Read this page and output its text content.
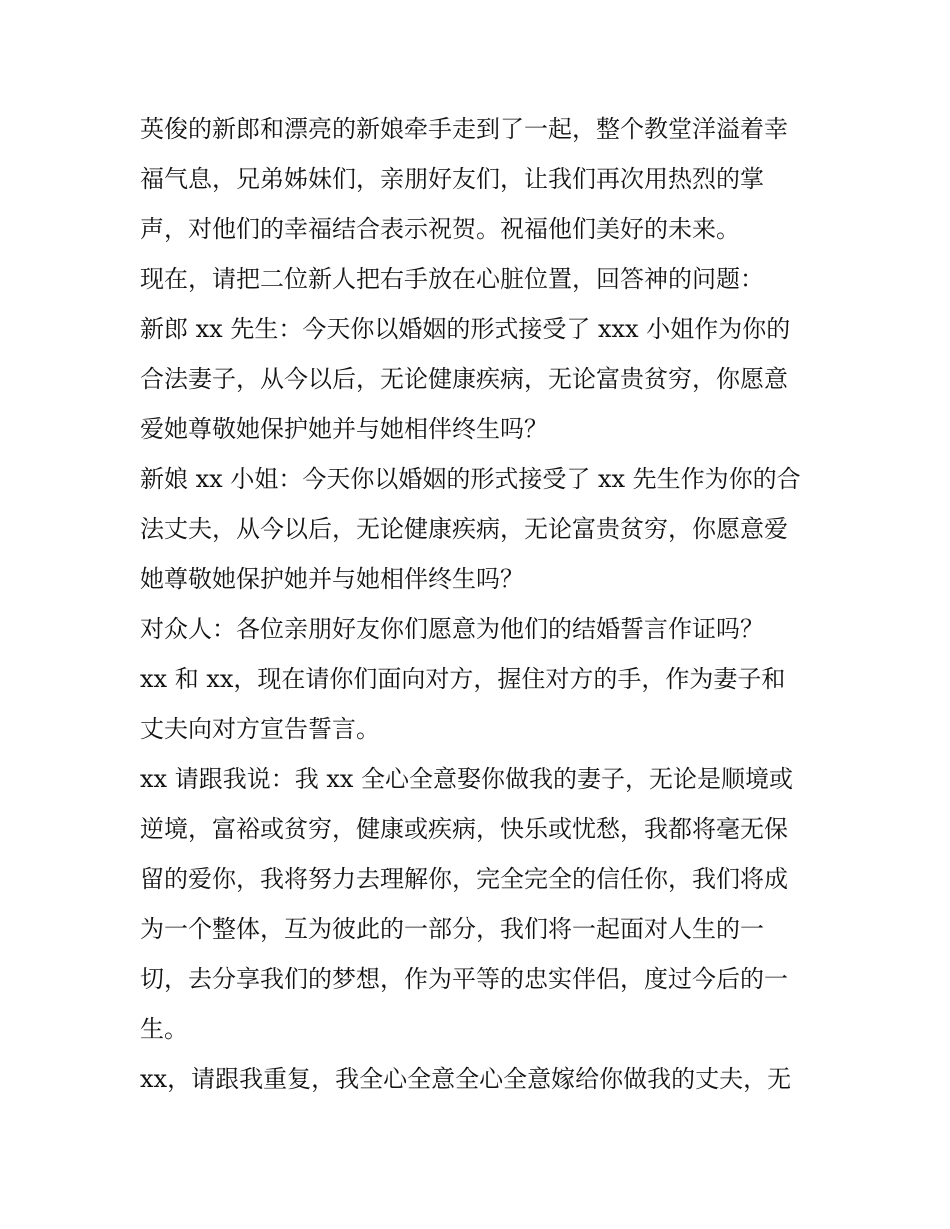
英俊的新郎和漂亮的新娘牵手走到了一起，整个教堂洋溢着幸
福气息，兄弟姊妹们，亲朋好友们，让我们再次用热烈的掌
声，对他们的幸福结合表示祝贺。祝福他们美好的未来。
现在，请把二位新人把右手放在心脏位置，回答神的问题：
新郎 xx 先生：今天你以婚姻的形式接受了 xxx 小姐作为你的
合法妻子，从今以后，无论健康疾病，无论富贵贫穷，你愿意
爱她尊敬她保护她并与她相伴终生吗？
新娘 xx 小姐：今天你以婚姻的形式接受了 xx 先生作为你的合
法丈夫，从今以后，无论健康疾病，无论富贵贫穷，你愿意爱
她尊敬她保护她并与她相伴终生吗？
对众人：各位亲朋好友你们愿意为他们的结婚誓言作证吗？
xx 和 xx，现在请你们面向对方，握住对方的手，作为妻子和
丈夫向对方宣告誓言。
xx 请跟我说：我 xx 全心全意娶你做我的妻子，无论是顺境或
逆境，富裕或贫穷，健康或疾病，快乐或忧愁，我都将毫无保
留的爱你，我将努力去理解你，完全完全的信任你，我们将成
为一个整体，互为彼此的一部分，我们将一起面对人生的一
切，去分享我们的梦想，作为平等的忠实伴侣，度过今后的一
生。
xx，请跟我重复，我全心全意全心全意嫁给你做我的丈夫，无
